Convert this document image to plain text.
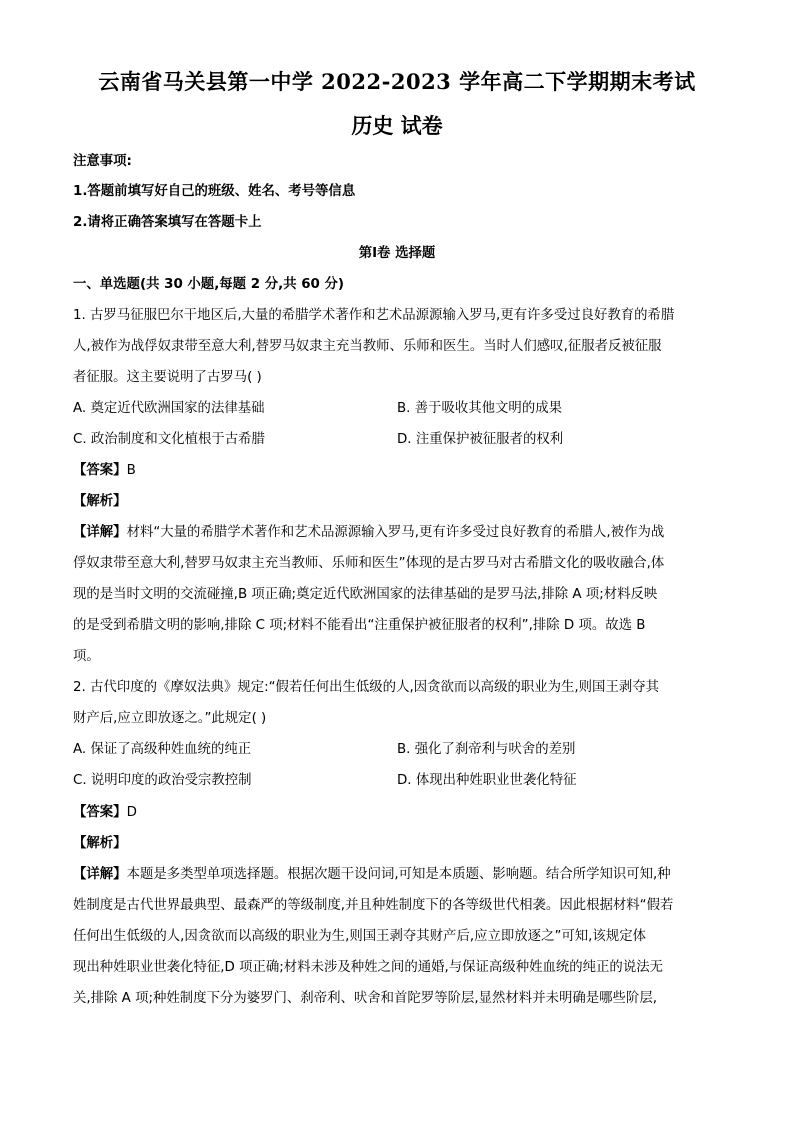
云南省马关县第一中学 2022-2023 学年高二下学期期末考试
历史 试卷
注意事项:
1.答题前填写好自己的班级、姓名、考号等信息
2.请将正确答案填写在答题卡上
第Ⅰ卷 选择题
一、单选题(共 30 小题,每题 2 分,共 60 分)
1. 古罗马征服巴尔干地区后,大量的希腊学术著作和艺术品源源输入罗马,更有许多受过良好教育的希腊
人,被作为战俘奴隶带至意大利,替罗马奴隶主充当教师、乐师和医生。当时人们感叹,征服者反被征服
者征服。这主要说明了古罗马( )
A. 奠定近代欧洲国家的法律基础	B. 善于吸收其他文明的成果
C. 政治制度和文化植根于古希腊	D. 注重保护被征服者的权利
【答案】B
【解析】
【详解】材料“大量的希腊学术著作和艺术品源源输入罗马,更有许多受过良好教育的希腊人,被作为战
俘奴隶带至意大利,替罗马奴隶主充当教师、乐师和医生”体现的是古罗马对古希腊文化的吸收融合,体
现的是当时文明的交流碰撞,B 项正确;奠定近代欧洲国家的法律基础的是罗马法,排除 A 项;材料反映
的是受到希腊文明的影响,排除 C 项;材料不能看出“注重保护被征服者的权利”,排除 D 项。故选 B
项。
2. 古代印度的《摩奴法典》规定:“假若任何出生低级的人,因贪欲而以高级的职业为生,则国王剥夺其
财产后,应立即放逐之。”此规定( )
A. 保证了高级种姓血统的纯正	B. 强化了刹帝利与吠舍的差别
C. 说明印度的政治受宗教控制	D. 体现出种姓职业世袭化特征
【答案】D
【解析】
【详解】本题是多类型单项选择题。根据次题干设问词,可知是本质题、影响题。结合所学知识可知,种
姓制度是古代世界最典型、最森严的等级制度,并且种姓制度下的各等级世代相袭。因此根据材料“假若
任何出生低级的人,因贪欲而以高级的职业为生,则国王剥夺其财产后,应立即放逐之”可知,该规定体
现出种姓职业世袭化特征,D 项正确;材料未涉及种姓之间的通婚,与保证高级种姓血统的纯正的说法无
关,排除 A 项;种姓制度下分为婆罗门、刹帝利、吠舍和首陀罗等阶层,显然材料并未明确是哪些阶层,
